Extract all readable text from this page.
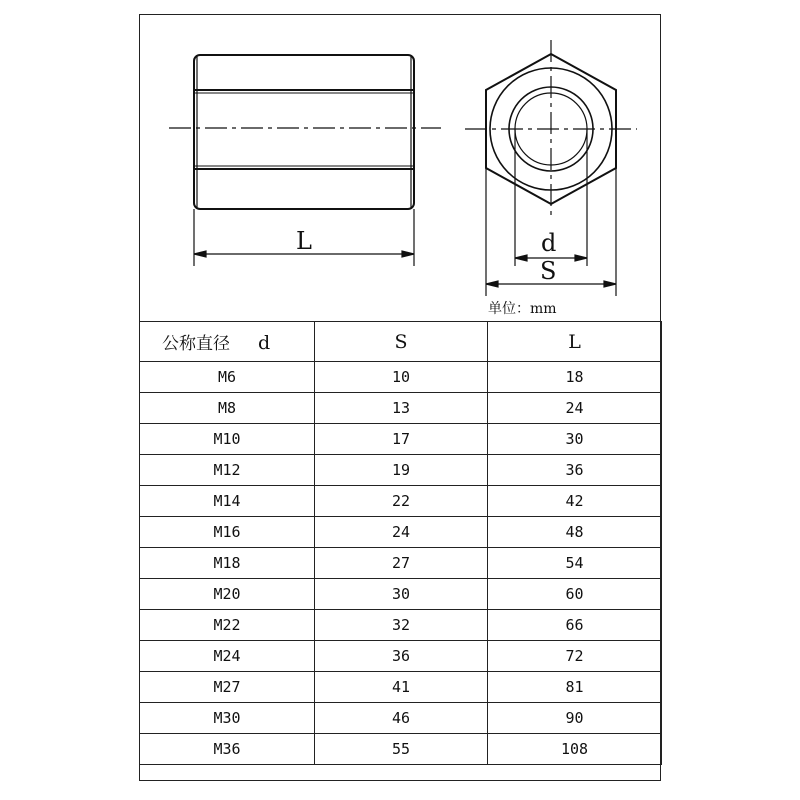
L	d
S
单位：mm
公称直径 d	S	L
M6	10	18
M8	13	24
M10	17	30
M12	19	36
M14	22	42
M16	24	48
M18	27	54
M20	30	60
M22	32	66
M24	36	72
M27	41	81
M30	46	90
M36	55	108
